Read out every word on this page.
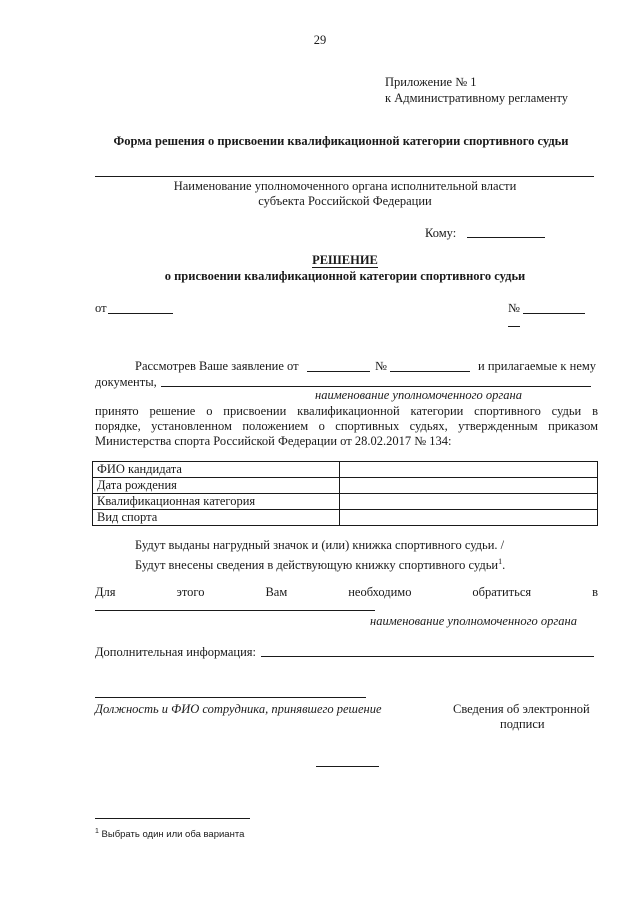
29
Приложение № 1
к Административному регламенту
Форма решения о присвоении квалификационной категории спортивного судьи
Наименование уполномоченного органа исполнительной власти
субъекта Российской Федерации
Кому:
РЕШЕНИЕ
о присвоении квалификационной категории спортивного судьи
от	№
Рассмотрев Ваше заявление от	№	и прилагаемые к нему
документы,
наименование уполномоченного органа
принято решение о присвоении квалификационной категории спортивного судьи в
порядке, установленном положением о спортивных судьях, утвержденным приказом
Министерства спорта Российской Федерации от 28.02.2017 № 134:
ФИО кандидата	
Дата рождения	
Квалификационная категория	
Вид спорта	
Будут выданы нагрудный значок и (или) книжка спортивного судьи. /
Будут внесены сведения в действующую книжку спортивного судьи$^1$.
Для	этого	Вам	необходимо	обратиться	в
наименование уполномоченного органа
Дополнительная информация:
Должность и ФИО сотрудника, принявшего решение	Сведения об электронной
подписи
$^1$ Выбрать один или оба варианта
